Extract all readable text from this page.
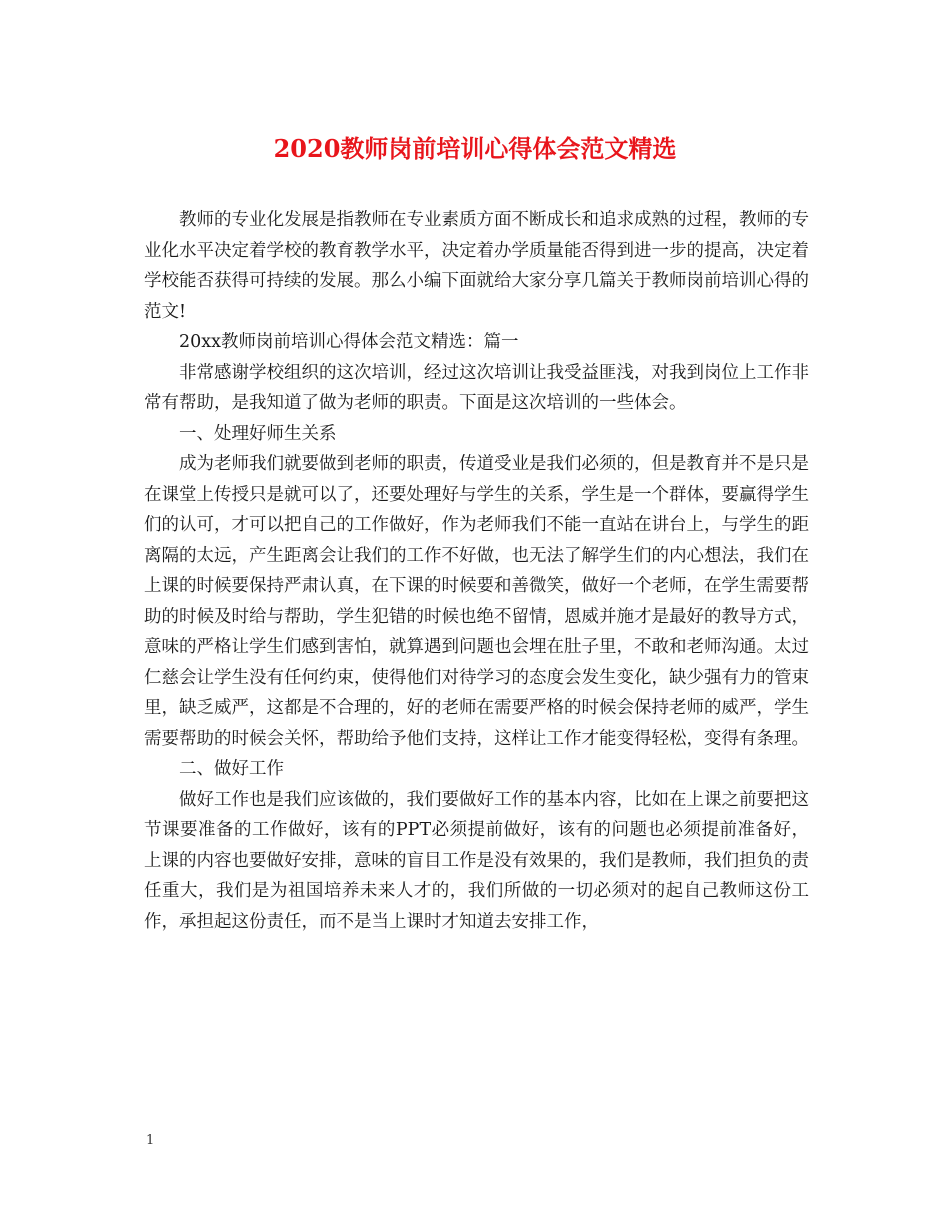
2020教师岗前培训心得体会范文精选

教师的专业化发展是指教师在专业素质方面不断成长和追求成熟的过程，教师的专业化水平决定着学校的教育教学水平，决定着办学质量能否得到进一步的提高，决定着学校能否获得可持续的发展。那么小编下面就给大家分享几篇关于教师岗前培训心得的范文!

20xx教师岗前培训心得体会范文精选：篇一

非常感谢学校组织的这次培训，经过这次培训让我受益匪浅，对我到岗位上工作非常有帮助，是我知道了做为老师的职责。下面是这次培训的一些体会。

一、处理好师生关系

成为老师我们就要做到老师的职责，传道受业是我们必须的，但是教育并不是只是在课堂上传授只是就可以了，还要处理好与学生的关系，学生是一个群体，要赢得学生们的认可，才可以把自己的工作做好，作为老师我们不能一直站在讲台上，与学生的距离隔的太远，产生距离会让我们的工作不好做，也无法了解学生们的内心想法，我们在上课的时候要保持严肃认真，在下课的时候要和善微笑，做好一个老师，在学生需要帮助的时候及时给与帮助，学生犯错的时候也绝不留情，恩威并施才是最好的教导方式，意味的严格让学生们感到害怕，就算遇到问题也会埋在肚子里，不敢和老师沟通。太过仁慈会让学生没有任何约束，使得他们对待学习的态度会发生变化，缺少强有力的管束里，缺乏威严，这都是不合理的，好的老师在需要严格的时候会保持老师的威严，学生需要帮助的时候会关怀，帮助给予他们支持，这样让工作才能变得轻松，变得有条理。

二、做好工作

做好工作也是我们应该做的，我们要做好工作的基本内容，比如在上课之前要把这节课要准备的工作做好，该有的PPT必须提前做好，该有的问题也必须提前准备好，上课的内容也要做好安排，意味的盲目工作是没有效果的，我们是教师，我们担负的责任重大，我们是为祖国培养未来人才的，我们所做的一切必须对的起自己教师这份工作，承担起这份责任，而不是当上课时才知道去安排工作，

1
